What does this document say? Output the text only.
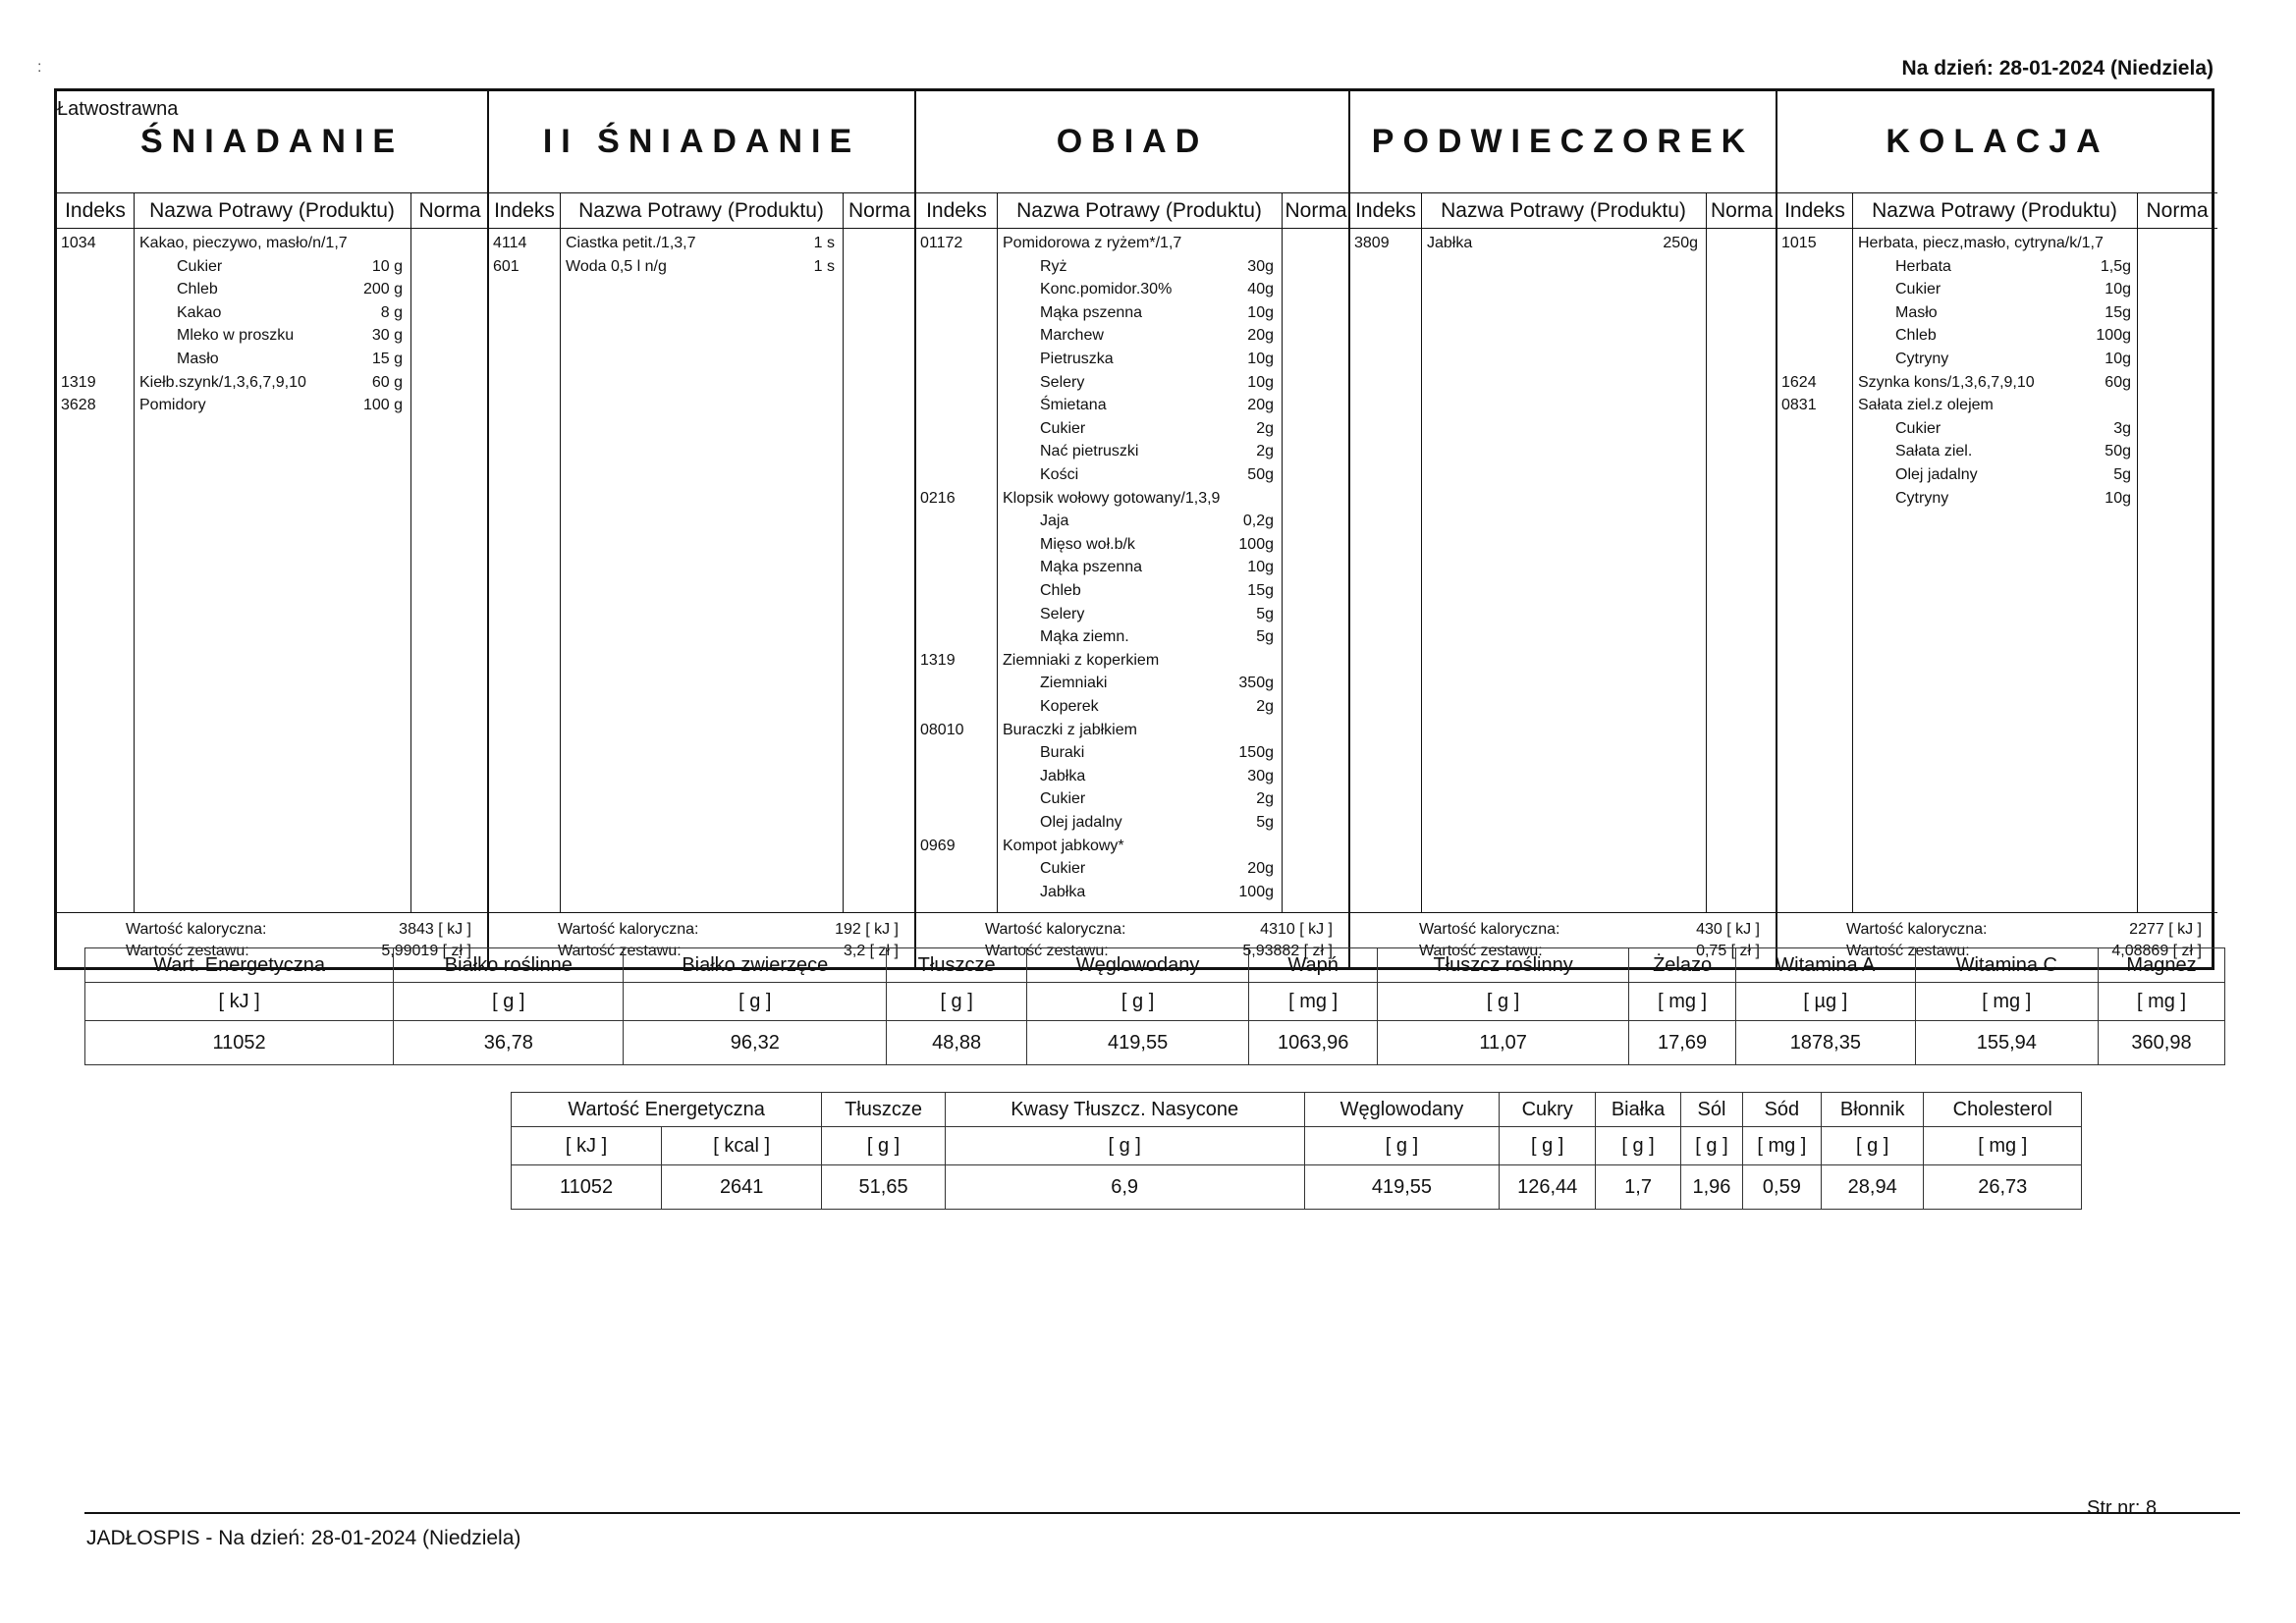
:
Łatwostrawna
Na dzień: 28-01-2024 (Niedziela)
ŚNIADANIE
Indeks	Nazwa Potrawy (Produktu)	Norma
1034	Kakao, pieczywo, masło/n/1,7
Cukier	10 g
Chleb	200 g
Kakao	8 g
Mleko w proszku	30 g
Masło	15 g
1319	Kiełb.szynk/1,3,6,7,9,10	60 g
3628	Pomidory	100 g
Wartość kaloryczna:	3843 [ kJ ]
Wartość zestawu:	5,99019 [ zł ]
II ŚNIADANIE
Indeks	Nazwa Potrawy (Produktu)	Norma
4114 Ciastka petit./1,3,7	1 s
601	Woda 0,5 l n/g	1 s
Wartość kaloryczna:	192 [ kJ ]
Wartość zestawu:	3,2 [ zł ]
OBIAD
Indeks	Nazwa Potrawy (Produktu)	Norma
01172	Pomidorowa z ryżem*/1,7
Ryż	30g
Konc.pomidor.30%	40g
Mąka pszenna	10g
Marchew	20g
Pietruszka	10g
Selery	10g
Śmietana	20g
Cukier	2g
Nać pietruszki	2g
Kości	50g
0216	Klopsik wołowy gotowany/1,3,9
Jaja	0,2g
Mięso woł.b/k	100g
Mąka pszenna	10g
Chleb	15g
Selery	5g
Mąka ziemn.	5g
1319	Ziemniaki z koperkiem
Ziemniaki	350g
Koperek	2g
08010 Buraczki z jabłkiem
Buraki	150g
Jabłka	30g
Cukier	2g
Olej jadalny	5g
0969	Kompot jabkowy*
Cukier	20g
Jabłka	100g
Wartość kaloryczna:	4310 [ kJ ]
Wartość zestawu:	5,93882 [ zł ]
PODWIECZOREK
Indeks	Nazwa Potrawy (Produktu)	Norma
3809 Jabłka	250g
Wartość kaloryczna:	430 [ kJ ]
Wartość zestawu:	0,75 [ zł ]
KOLACJA
Indeks	Nazwa Potrawy (Produktu)	Norma
1015	Herbata, piecz,masło, cytryna/k/1,7
Herbata	1,5g
Cukier	10g
Masło	15g
Chleb	100g
Cytryny	10g
1624	Szynka kons/1,3,6,7,9,10	60g
0831	Sałata ziel.z olejem
Cukier	3g
Sałata ziel.	50g
Olej jadalny	5g
Cytryny	10g
Wartość kaloryczna:	2277 [ kJ ]
Wartość zestawu:	4,08869 [ zł ]
Wart. Energetyczna	Białko roślinne	Białko zwierzęce	Tłuszcze	Węglowodany	Wapń	Tłuszcz roślinny	Żelazo	Witamina A	Witamina C	Magnez
[ kJ ]	[ g ]	[ g ]	[ g ]	[ g ]	[ mg ]	[ g ]	[ mg ]	[ µg ]	[ mg ]	[ mg ]
11052	36,78	96,32	48,88	419,55	1063,96	11,07	17,69	1878,35	155,94	360,98
Wartość Energetyczna		Tłuszcze	Kwasy Tłuszcz. Nasycone	Węglowodany	Cukry	Białka	Sól	Sód	Błonnik	Cholesterol
[ kJ ]	[ kcal ]	[ g ]	[ g ]	[ g ]	[ g ]	[ g ]	[ g ]	[ mg ]	[ g ]	[ mg ]
11052	2641	51,65	6,9	419,55	126,44	1,7	1,96	0,59	28,94	26,73
JADŁOSPIS - Na dzień: 28-01-2024 (Niedziela)
Str nr: 8
